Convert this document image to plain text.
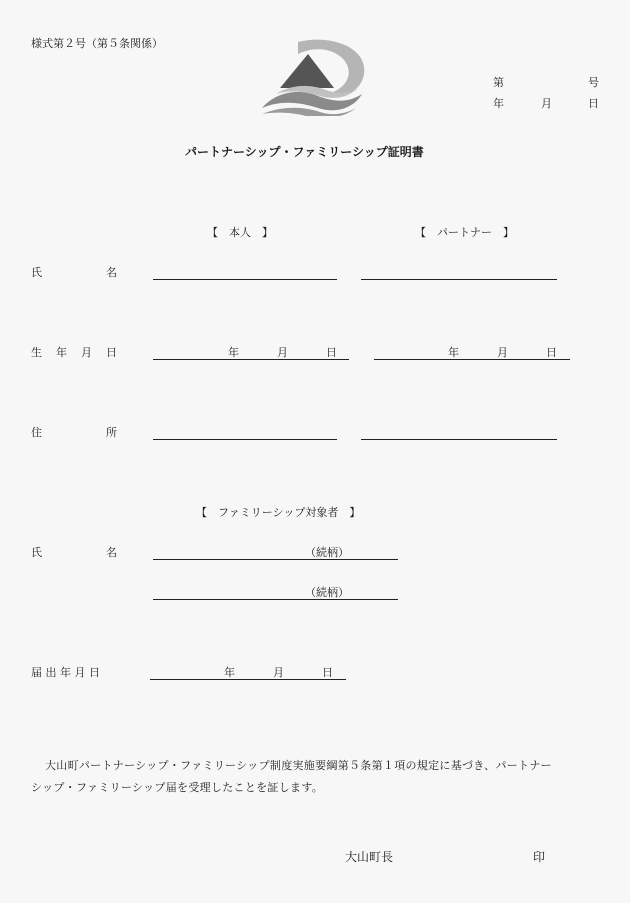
様式第２号（第５条関係）
第	号
年	月	日
パートナーシップ・ファミリーシップ証明書
【　本人　】	【　パートナー　】
氏	名
生 年 月 日	年	月	日	年	月	日
住	所
【　ファミリーシップ対象者　】
氏	名	（続柄）
（続柄）
届 出 年 月 日	年	月	日
大山町パートナーシップ・ファミリーシップ制度実施要綱第５条第１項の規定に基づき、パートナー
シップ・ファミリーシップ届を受理したことを証します。
大山町長	印
